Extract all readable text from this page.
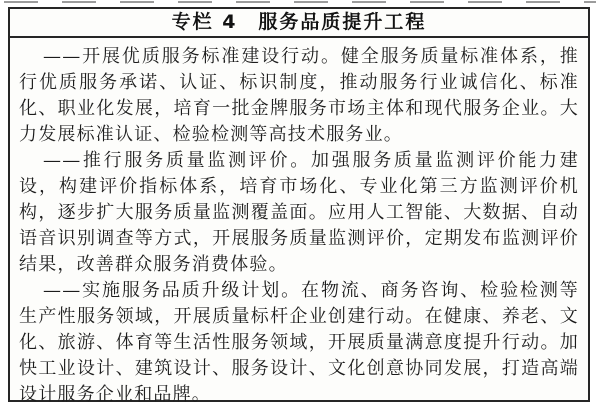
专栏 4　服务品质提升工程

——开展优质服务标准建设行动。健全服务质量标准体系，推行优质服务承诺、认证、标识制度，推动服务行业诚信化、标准化、职业化发展，培育一批金牌服务市场主体和现代服务企业。大力发展标准认证、检验检测等高技术服务业。

——推行服务质量监测评价。加强服务质量监测评价能力建设，构建评价指标体系，培育市场化、专业化第三方监测评价机构，逐步扩大服务质量监测覆盖面。应用人工智能、大数据、自动语音识别调查等方式，开展服务质量监测评价，定期发布监测评价结果，改善群众服务消费体验。

——实施服务品质升级计划。在物流、商务咨询、检验检测等生产性服务领域，开展质量标杆企业创建行动。在健康、养老、文化、旅游、体育等生活性服务领域，开展质量满意度提升行动。加快工业设计、建筑设计、服务设计、文化创意协同发展，打造高端设计服务企业和品牌。
